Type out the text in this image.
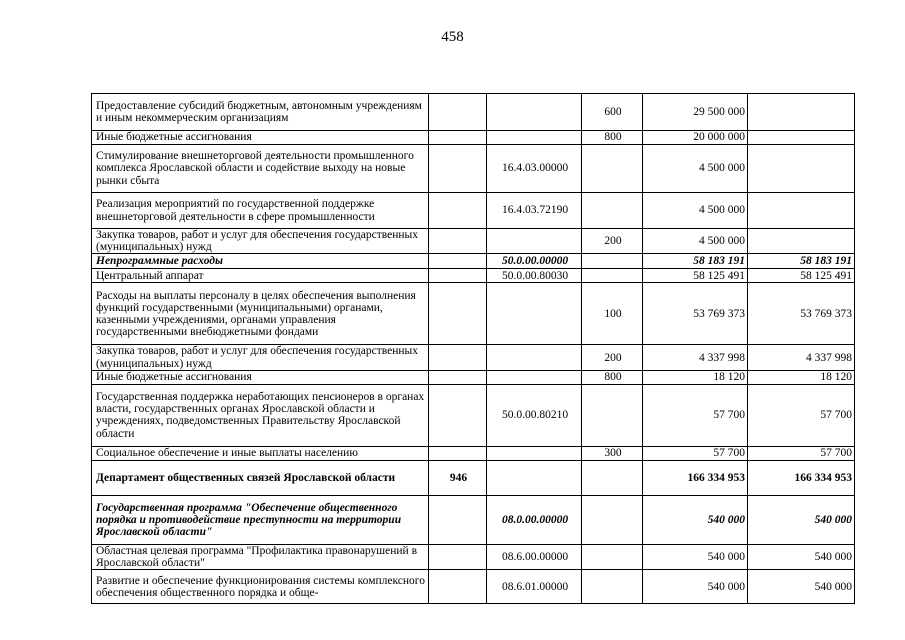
458
Предоставление субсидий бюджетным, автономным учреждениям и иным некоммерческим организациям			600	29 500 000	
Иные бюджетные ассигнования			800	20 000 000	
Стимулирование внешнеторговой деятельности промышленного комплекса Ярославской области и содействие выходу на новые рынки сбыта		16.4.03.00000		4 500 000	
Реализация мероприятий по государственной поддержке внешнеторговой деятельности в сфере промышленности		16.4.03.72190		4 500 000	
Закупка товаров, работ и услуг для обеспечения государственных (муниципальных) нужд			200	4 500 000	
Непрограммные расходы		50.0.00.00000		58 183 191	58 183 191
Центральный аппарат		50.0.00.80030		58 125 491	58 125 491
Расходы на выплаты персоналу в целях обеспечения выполнения функций государственными (муниципальными) органами, казенными учреждениями, органами управления государственными внебюджетными фондами			100	53 769 373	53 769 373
Закупка товаров, работ и услуг для обеспечения государственных (муниципальных) нужд			200	4 337 998	4 337 998
Иные бюджетные ассигнования			800	18 120	18 120
Государственная поддержка неработающих пенсионеров в органах власти, государственных органах Ярославской области и учреждениях, подведомственных Правительству Ярославской области		50.0.00.80210		57 700	57 700
Социальное обеспечение и иные выплаты населению			300	57 700	57 700
Департамент общественных связей Ярославской области	946			166 334 953	166 334 953
Государственная программа "Обеспечение общественного порядка и противодействие преступности на территории Ярославской области"		08.0.00.00000		540 000	540 000
Областная целевая программа "Профилактика правонарушений в Ярославской области"		08.6.00.00000		540 000	540 000
Развитие и обеспечение функционирования системы комплексного обеспечения общественного порядка и обще-		08.6.01.00000		540 000	540 000
